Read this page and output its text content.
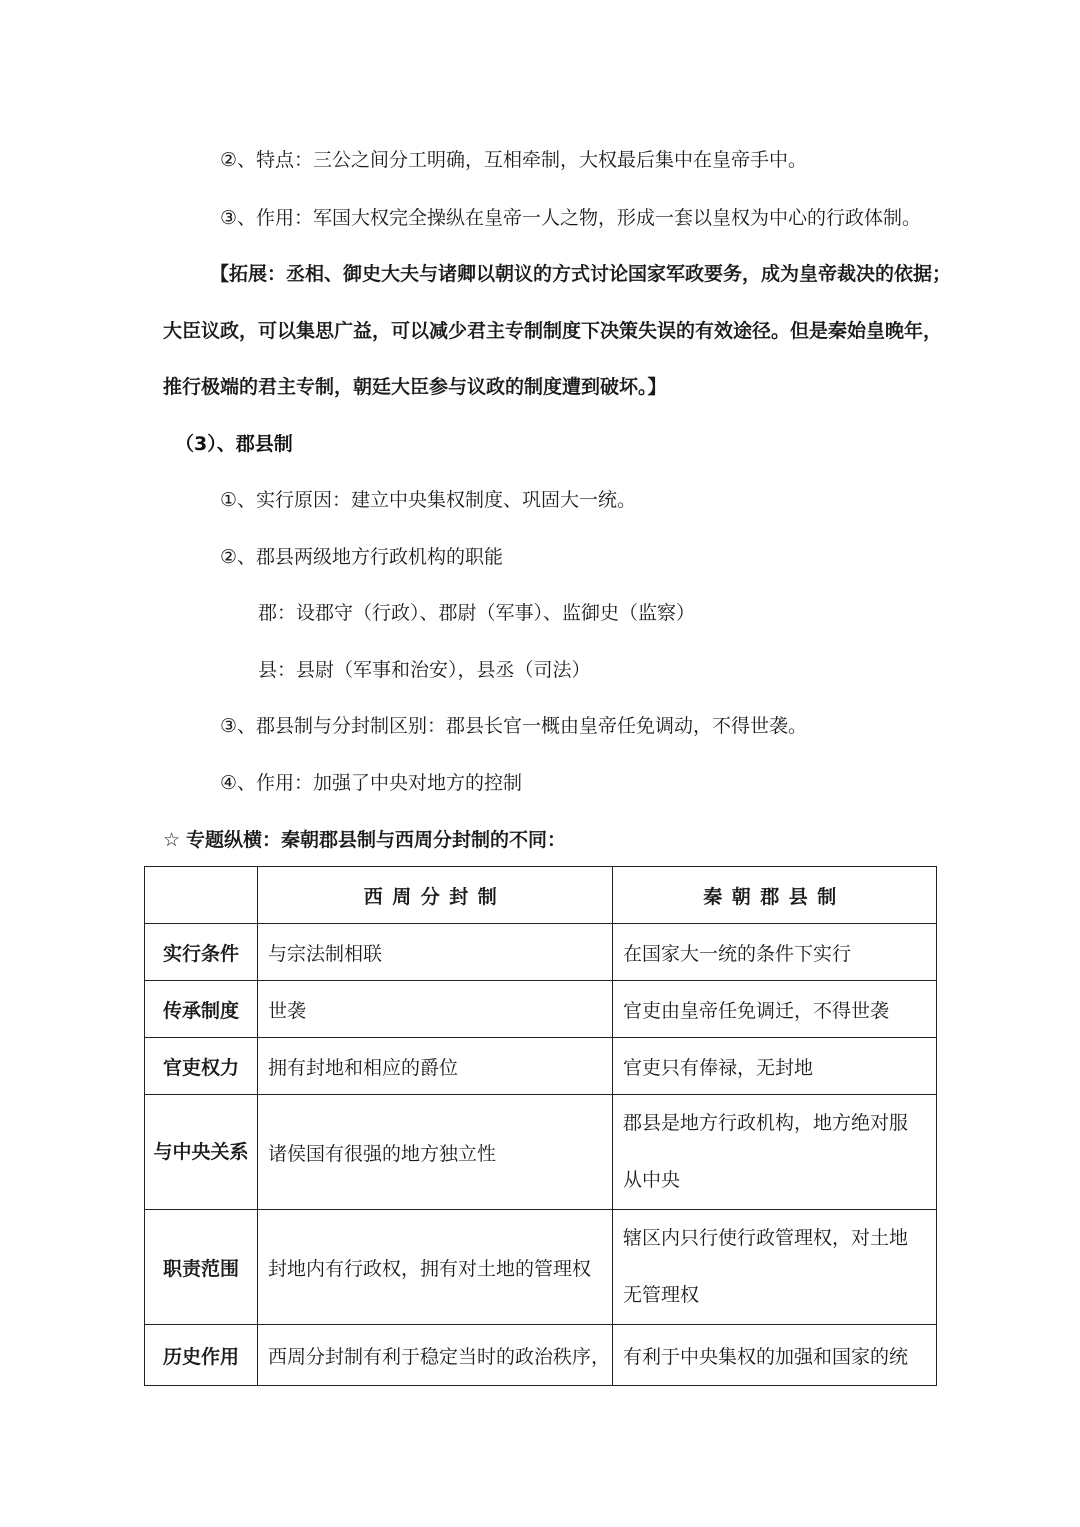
②、特点：三公之间分工明确，互相牵制，大权最后集中在皇帝手中。
③、作用：军国大权完全操纵在皇帝一人之物，形成一套以皇权为中心的行政体制。
【拓展：丞相、御史大夫与诸卿以朝议的方式讨论国家军政要务，成为皇帝裁决的依据；
大臣议政，可以集思广益，可以减少君主专制制度下决策失误的有效途径。但是秦始皇晚年，
推行极端的君主专制，朝廷大臣参与议政的制度遭到破坏。】
（3）、郡县制
①、实行原因：建立中央集权制度、巩固大一统。
②、郡县两级地方行政机构的职能
郡：设郡守（行政）、郡尉（军事）、监御史（监察）
县：县尉（军事和治安），县丞（司法）
③、郡县制与分封制区别：郡县长官一概由皇帝任免调动，不得世袭。
④、作用：加强了中央对地方的控制
☆ 专题纵横：秦朝郡县制与西周分封制的不同：
	西周分封制	秦朝郡县制
实行条件	与宗法制相联	在国家大一统的条件下实行
传承制度	世袭	官吏由皇帝任免调迁，不得世袭
官吏权力	拥有封地和相应的爵位	官吏只有俸禄，无封地
与中央关系	诸侯国有很强的地方独立性	郡县是地方行政机构，地方绝对服从中央
职责范围	封地内有行政权，拥有对土地的管理权	辖区内只行使行政管理权，对土地无管理权
历史作用	西周分封制有利于稳定当时的政治秩序，	有利于中央集权的加强和国家的统
